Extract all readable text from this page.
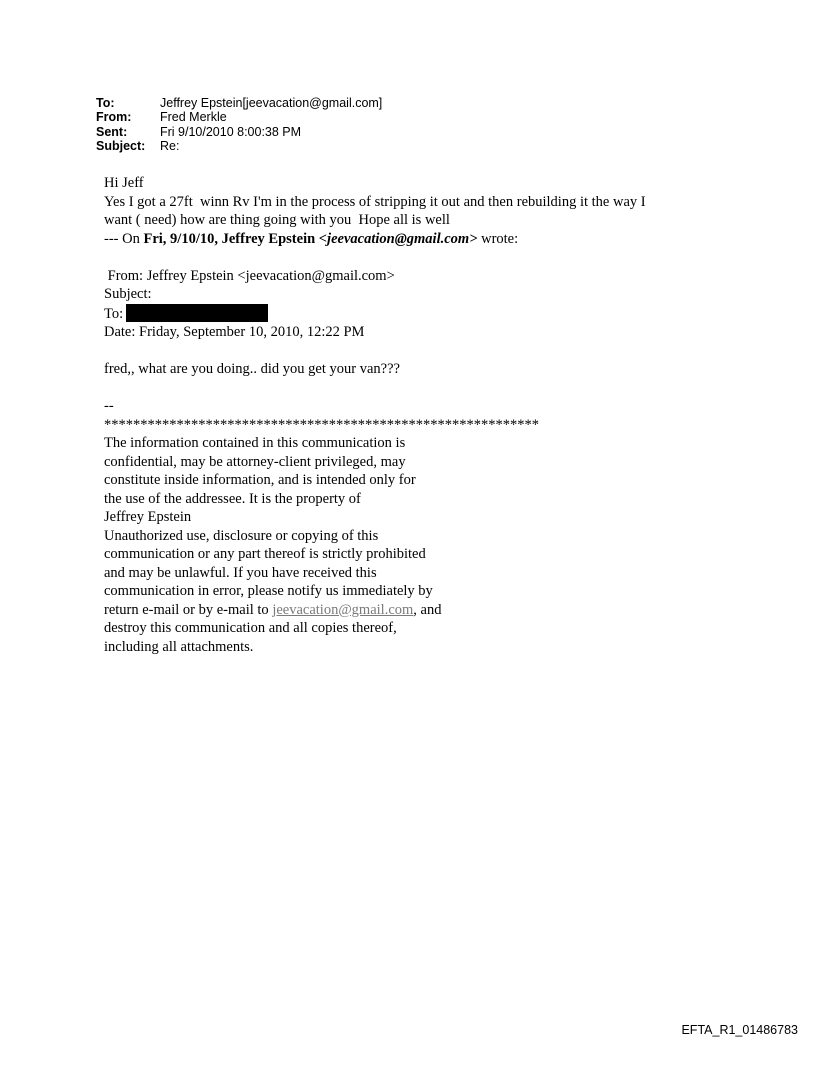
To:	Jeffrey Epstein[jeevacation@gmail.com]
From:	Fred Merkle
Sent:	Fri 9/10/2010 8:00:38 PM
Subject:	Re:
Hi Jeff
Yes I got a 27ft  winn Rv I'm in the process of stripping it out and then rebuilding it the way I
want ( need) how are thing going with you  Hope all is well
--- On Fri, 9/10/10, Jeffrey Epstein <jeevacation@gmail.com> wrote:
From: Jeffrey Epstein <jeevacation@gmail.com>
Subject:
To:
Date: Friday, September 10, 2010, 12:22 PM
fred,, what are you doing.. did you get your van???
--
************************************************************
The information contained in this communication is
confidential, may be attorney-client privileged, may
constitute inside information, and is intended only for
the use of the addressee. It is the property of
Jeffrey Epstein
Unauthorized use, disclosure or copying of this
communication or any part thereof is strictly prohibited
and may be unlawful. If you have received this
communication in error, please notify us immediately by
return e-mail or by e-mail to jeevacation@gmail.com, and
destroy this communication and all copies thereof,
including all attachments.
EFTA_R1_01486783
